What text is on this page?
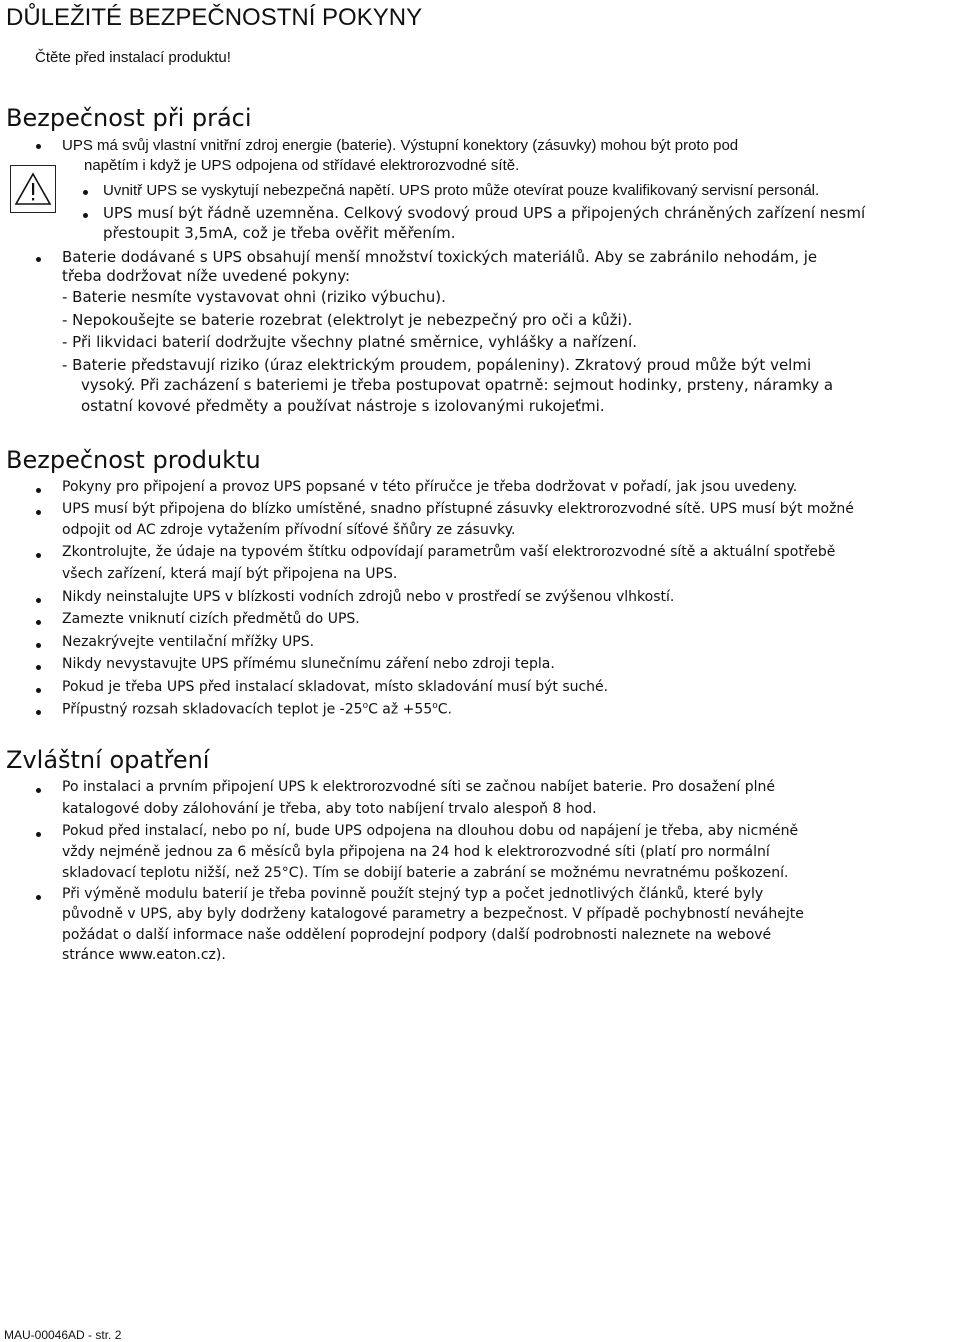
DŮLEŽITÉ BEZPEČNOSTNÍ POKYNY
Čtěte před instalací produktu!
Bezpečnost při práci
UPS má svůj vlastní vnitřní zdroj energie (baterie). Výstupní konektory (zásuvky) mohou být proto pod
napětím i když je UPS odpojena od střídavé elektrorozvodné sítě.
Uvnitř UPS se vyskytují nebezpečná napětí. UPS proto může otevírat pouze kvalifikovaný servisní personál.
UPS musí být řádně uzemněna. Celkový svodový proud UPS a připojených chráněných zařízení nesmí
přestoupit 3,5mA, což je třeba ověřit měřením.
Baterie dodávané s UPS obsahují menší množství toxických materiálů. Aby se zabránilo nehodám, je
třeba dodržovat níže uvedené pokyny:
- Baterie nesmíte vystavovat ohni (riziko výbuchu).
- Nepokoušejte se baterie rozebrat (elektrolyt je nebezpečný pro oči a kůži).
- Při likvidaci baterií dodržujte všechny platné směrnice, vyhlášky a nařízení.
- Baterie představují riziko (úraz elektrickým proudem, popáleniny). Zkratový proud může být velmi
vysoký. Při zacházení s bateriemi je třeba postupovat opatrně: sejmout hodinky, prsteny, náramky a
ostatní kovové předměty a používat nástroje s izolovanými rukojeťmi.
Bezpečnost produktu
Pokyny pro připojení a provoz UPS popsané v této příručce je třeba dodržovat v pořadí, jak jsou uvedeny.
UPS musí být připojena do blízko umístěné, snadno přístupné zásuvky elektrorozvodné sítě. UPS musí být možné
odpojit od AC zdroje vytažením přívodní síťové šňůry ze zásuvky.
Zkontrolujte, že údaje na typovém štítku odpovídají parametrům vaší elektrorozvodné sítě a aktuální spotřebě
všech zařízení, která mají být připojena na UPS.
Nikdy neinstalujte UPS v blízkosti vodních zdrojů nebo v prostředí se zvýšenou vlhkostí.
Zamezte vniknutí cizích předmětů do UPS.
Nezakrývejte ventilační mřížky UPS.
Nikdy nevystavujte UPS přímému slunečnímu záření nebo zdroji tepla.
Pokud je třeba UPS před instalací skladovat, místo skladování musí být suché.
Přípustný rozsah skladovacích teplot je -25$^o$C až $+55^oC$.
Zvláštní opatření
Po instalaci a prvním připojení UPS k elektrorozvodné síti se začnou nabíjet baterie. Pro dosažení plné
katalogové doby zálohování je třeba, aby toto nabíjení trvalo alespoň 8 hod.
Pokud před instalací, nebo po ní, bude UPS odpojena na dlouhou dobu od napájení je třeba, aby nicméně
vždy nejméně jednou za 6 měsíců byla připojena na 24 hod k elektrorozvodné síti (platí pro normální
skladovací teplotu nižší, než 25°C). Tím se dobijí baterie a zabrání se možnému nevratnému poškození.
Při výměně modulu baterií je třeba povinně použít stejný typ a počet jednotlivých článků, které byly
původně v UPS, aby byly dodrženy katalogové parametry a bezpečnost. V případě pochybností neváhejte
požádat o další informace naše oddělení poprodejní podpory (další podrobnosti naleznete na webové
stránce www.eaton.cz).
MAU-00046AD - str. 2
